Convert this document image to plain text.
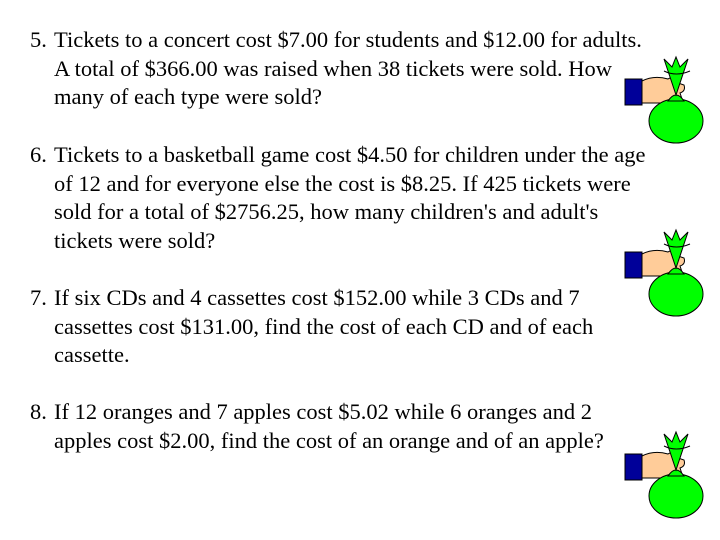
5. Tickets to a concert cost $7.00 for students and $12.00 for adults.
A total of $366.00 was raised when 38 tickets were sold. How
many of each type were sold?
6. Tickets to a basketball game cost $4.50 for children under the age
of 12 and for everyone else the cost is $8.25. If 425 tickets were
sold for a total of $2756.25, how many children's and adult's
tickets were sold?
7. If six CDs and 4 cassettes cost $152.00 while 3 CDs and 7
cassettes cost $131.00, find the cost of each CD and of each
cassette.
8. If 12 oranges and 7 apples cost $5.02 while 6 oranges and 2
apples cost $2.00, find the cost of an orange and of an apple?
